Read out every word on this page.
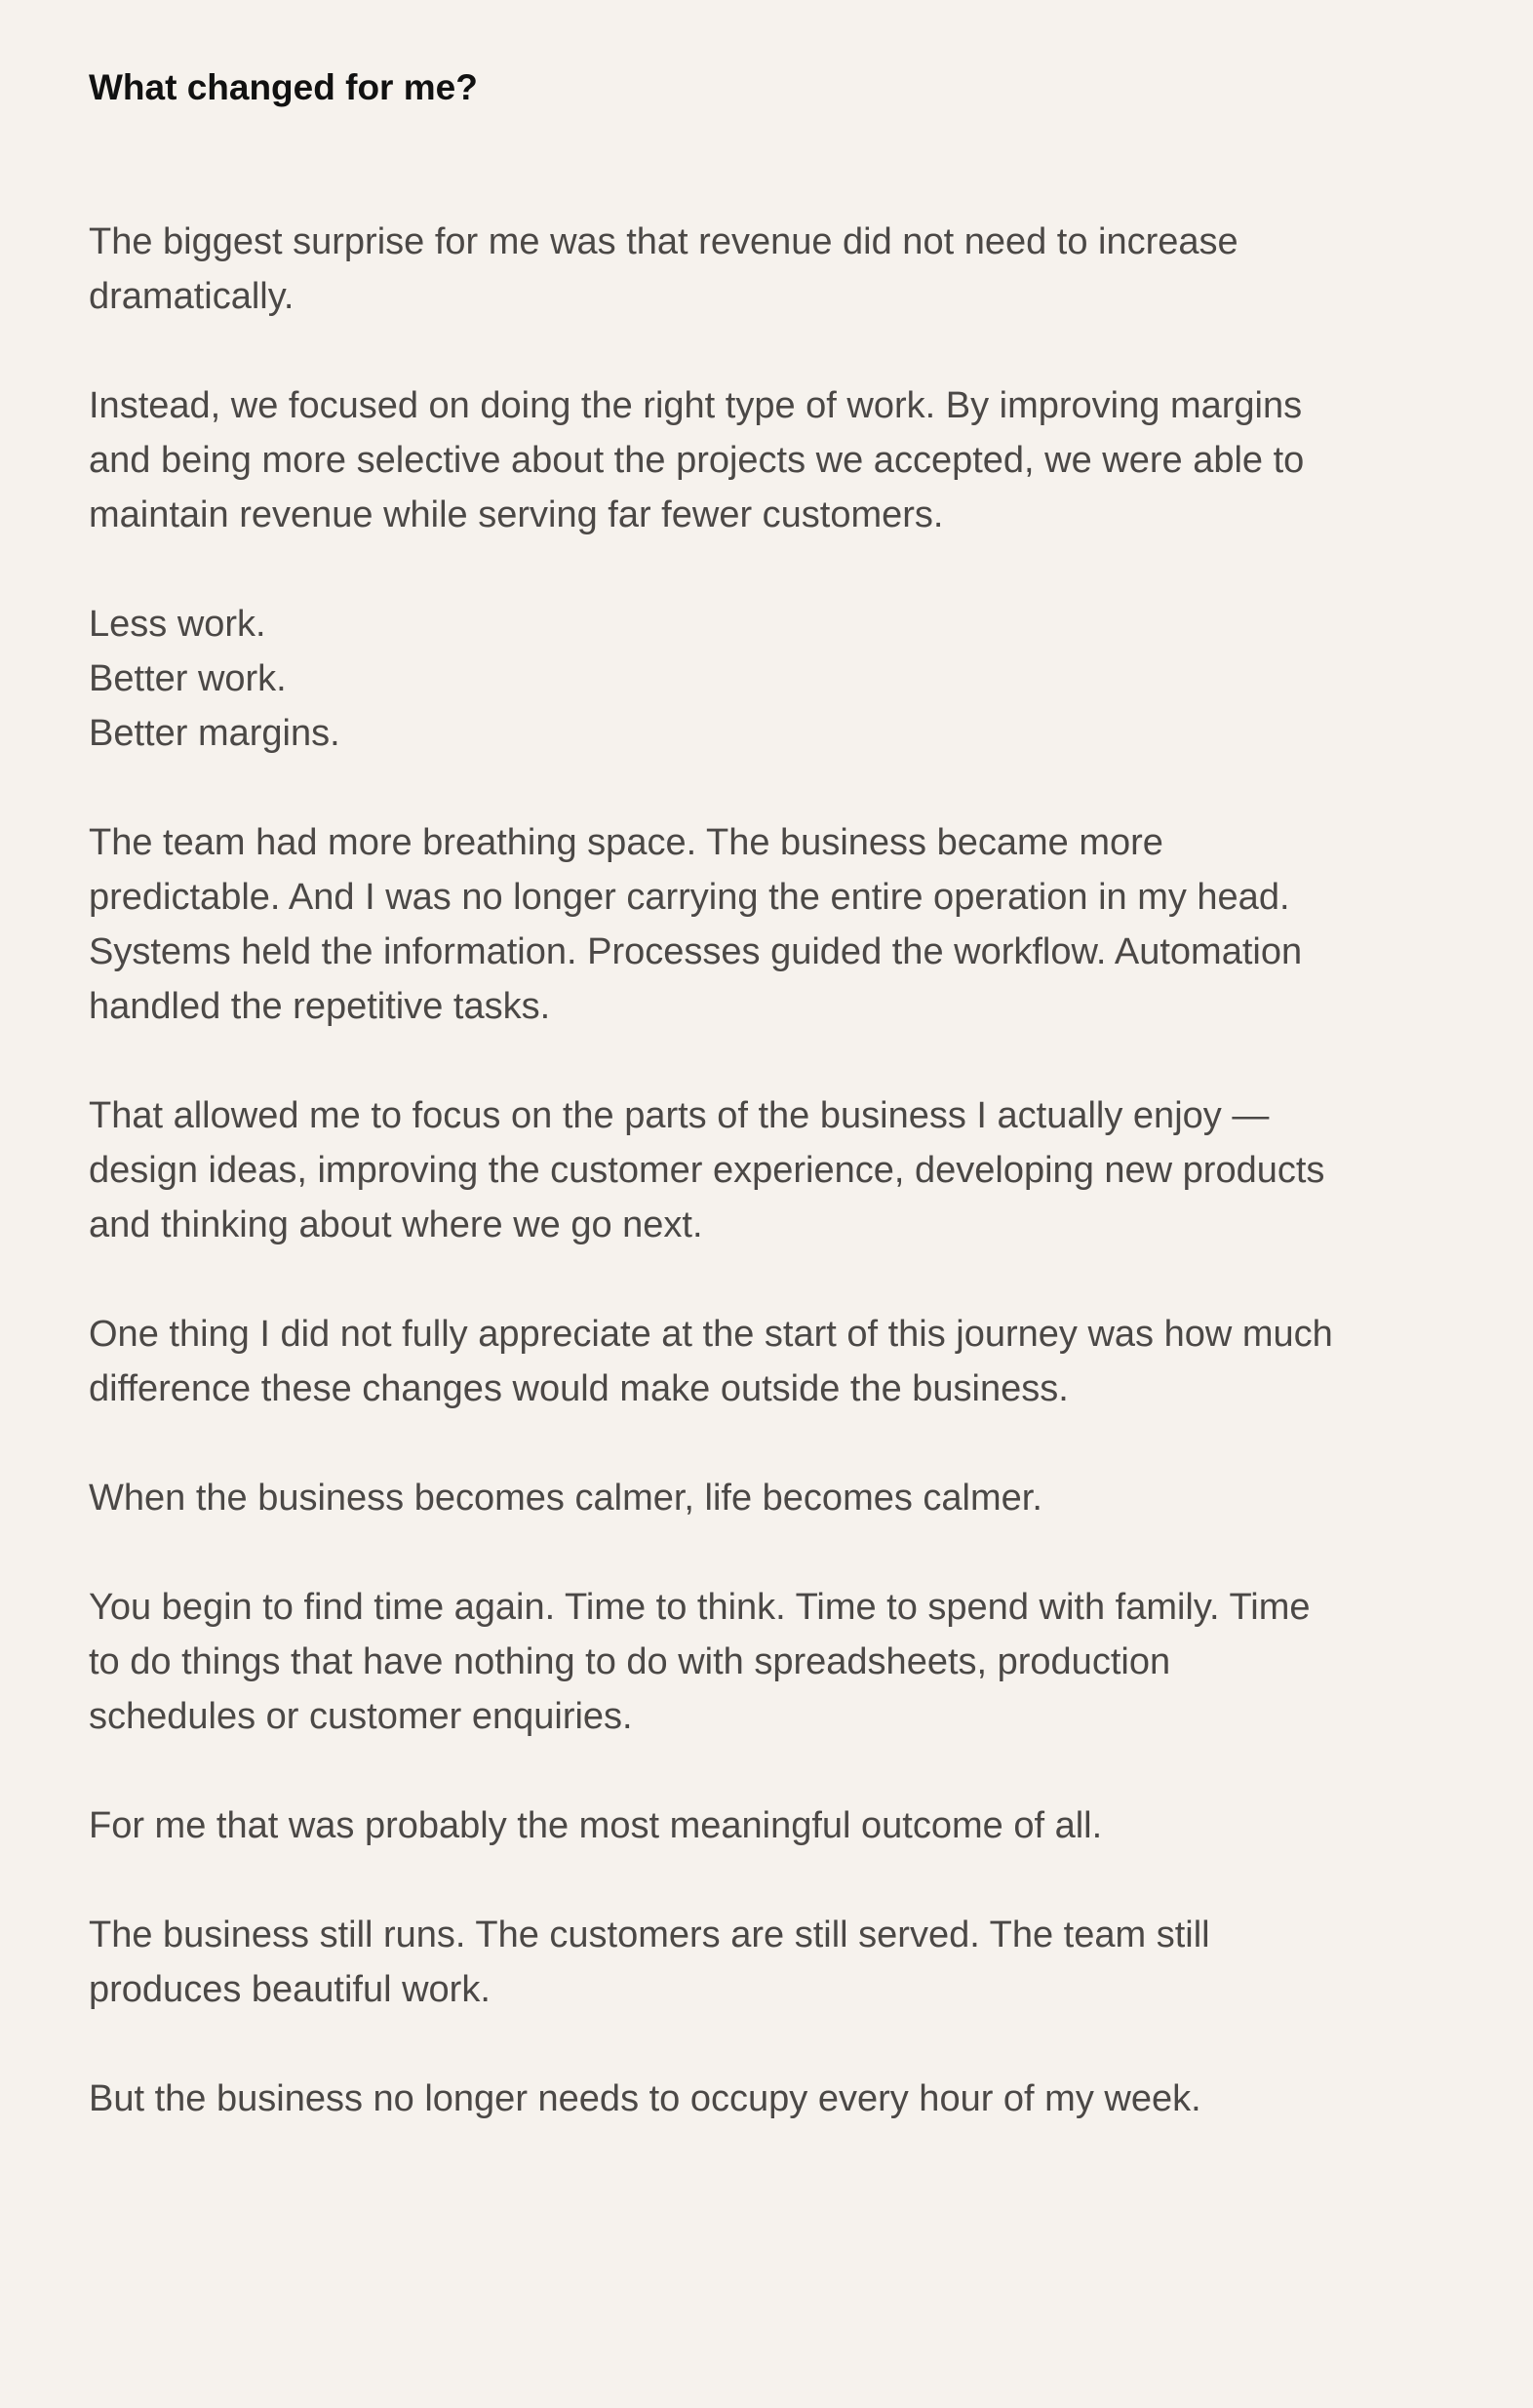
What changed for me?

The biggest surprise for me was that revenue did not need to increase
dramatically.

Instead, we focused on doing the right type of work. By improving margins
and being more selective about the projects we accepted, we were able to
maintain revenue while serving far fewer customers.

Less work.
Better work.
Better margins.

The team had more breathing space. The business became more
predictable. And I was no longer carrying the entire operation in my head.
Systems held the information. Processes guided the workflow. Automation
handled the repetitive tasks.

That allowed me to focus on the parts of the business I actually enjoy —
design ideas, improving the customer experience, developing new products
and thinking about where we go next.

One thing I did not fully appreciate at the start of this journey was how much
difference these changes would make outside the business.

When the business becomes calmer, life becomes calmer.

You begin to find time again. Time to think. Time to spend with family. Time
to do things that have nothing to do with spreadsheets, production
schedules or customer enquiries.

For me that was probably the most meaningful outcome of all.

The business still runs. The customers are still served. The team still
produces beautiful work.

But the business no longer needs to occupy every hour of my week.
